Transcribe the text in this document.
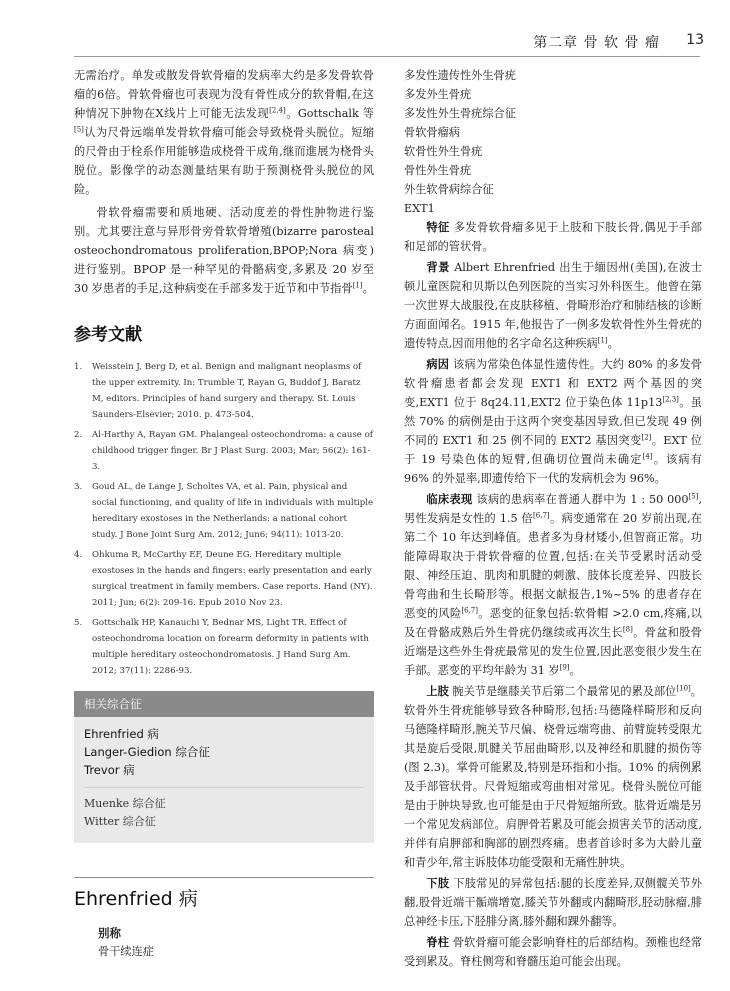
第二章 骨 软 骨 瘤 13

无需治疗。单发或散发骨软骨瘤的发病率大约是多发骨软骨瘤的6倍。骨软骨瘤也可表现为没有骨性成分的软骨帽,在这种情况下肿物在X线片上可能无法发现[2,4]。Gottschalk 等[5]认为尺骨远端单发骨软骨瘤可能会导致桡骨头脱位。短缩的尺骨由于栓系作用能够造成桡骨干成角,继而進展为桡骨头脱位。影像学的动态测量结果有助于预测桡骨头脱位的风险。

骨软骨瘤需要和质地硬、活动度差的骨性肿物进行鉴别。尤其要注意与异形骨旁骨软骨增殖(bizarre parosteal osteochondromatous proliferation,BPOP;Nora 病变)进行鉴别。BPOP 是一种罕见的骨骼病变,多累及 20 岁至 30 岁患者的手足,这种病变在手部多发于近节和中节指骨[1]。

参考文献
1. Weisstein J, Berg D, et al. Benign and malignant neoplasms of the upper extremity. In: Trumble T, Rayan G, Buddof J, Baratz M, editors. Principles of hand surgery and therapy. St. Louis Saunders-Elsevier; 2010. p. 473-504.
2. Al-Harthy A, Rayan GM. Phalangeal osteochondroma: a cause of childhood trigger finger. Br J Plast Surg. 2003; Mar; 56(2): 161-3.
3. Goud AL, de Lange J, Scholtes VA, et al. Pain, physical and social functioning, and quality of life in individuals with multiple hereditary exostoses in the Netherlands: a national cohort study. J Bone Joint Surg Am. 2012; Jun6; 94(11): 1013-20.
4. Ohkuma R, McCarthy EF, Deune EG. Hereditary multiple exostoses in the hands and fingers: early presentation and early surgical treatment in family members. Case reports. Hand (NY). 2011; Jun; 6(2): 209-16. Epub 2010 Nov 23.
5. Gottschalk HP, Kanauchi Y, Bednar MS, Light TR. Effect of osteochondroma location on forearm deformity in patients with multiple hereditary osteochondromatosis. J Hand Surg Am. 2012; 37(11): 2286-93.
相关综合征
Ehrenfried 病
Langer-Giedion 综合征
Trevor 病
Muenke 综合征
Witter 综合征
Ehrenfried 病
别称
骨干续连症
多发性遗传性外生骨疣
多发外生骨疣
多发性外生骨疣综合征
骨软骨瘤病
软骨性外生骨疣
骨性外生骨疣
外生软骨病综合征
EXT1

特征 多发骨软骨瘤多见于上肢和下肢长骨,偶见于手部和足部的管状骨。

背景 Albert Ehrenfried 出生于缅因州(美国),在波士顿儿童医院和贝斯以色列医院的当实习外科医生。他曾在第一次世界大战服役,在皮肤移植、骨畸形治疗和肺结核的诊断方面面闻名。1915 年,他报告了一例多发软骨性外生骨疣的遗传特点,因而用他的名字命名这种疾病[1]。

病因 该病为常染色体显性遗传性。大约 80% 的多发骨软骨瘤患者都会发现 EXT1 和 EXT2 两个基因的突变,EXT1 位于 8q24.11,EXT2 位于染色体 11p13[2,3]。虽然 70% 的病例是由于这两个突变基因导致,但已发现 49 例不同的 EXT1 和 25 例不同的 EXT2 基因突变[2]。EXT 位于 19 号染色体的短臂,但确切位置尚未确定[4]。该病有 96% 的外显率,即遗传给下一代的发病机会为 96%。

临床表现 该病的患病率在普通人群中为 1 : 50 000[5],男性发病是女性的 1.5 倍[6,7]。病变通常在 20 岁前出现,在第二个 10 年达到峰值。患者多为身材矮小,但智商正常。功能障碍取决于骨软骨瘤的位置,包括:在关节受累时活动受限、神经压迫、肌肉和肌腱的刺激、肢体长度差异、四肢长骨弯曲和生长畸形等。根据文献报告,1%~5% 的患者存在恶变的风险[6,7]。恶变的征象包括:软骨帽 >2.0 cm,疼痛,以及在骨骼成熟后外生骨疣仍继续或再次生长[8]。骨盆和股骨近端是这些外生骨疣最常见的发生位置,因此恶变很少发生在手部。恶变的平均年龄为 31 岁[9]。

上肢 腕关节是继膝关节后第二个最常见的累及部位[10]。软骨外生骨疣能够导致各种畸形,包括:马德隆样畸形和反向马德隆样畸形,腕关节尺偏、桡骨远端弯曲、前臂旋转受限尤其是旋后受限,肌腱关节屈曲畸形,以及神经和肌腱的损伤等(图 2.3)。掌骨可能累及,特别是环指和小指。10% 的病例累及手部管状骨。尺骨短缩或弯曲相对常见。桡骨头脱位可能是由于肿块导致,也可能是由于尺骨短缩所致。肱骨近端是另一个常见发病部位。肩胛骨若累及可能会损害关节的活动度,并伴有肩胛部和胸部的剧烈疼痛。患者首诊时多为大龄儿童和青少年,常主诉肢体功能受限和无痛性肿块。

下肢 下肢常见的异常包括:腿的长度差异,双侧髋关节外翻,股骨近端干骺端增宽,膝关节外翻或内翻畸形,胫动脉瘤,腓总神经卡压,下胫腓分离,膝外翻和踝外翻等。

脊柱 骨软骨瘤可能会影响脊柱的后部结构。颈椎也经常受到累及。脊柱侧弯和脊髓压迫可能会出现。
